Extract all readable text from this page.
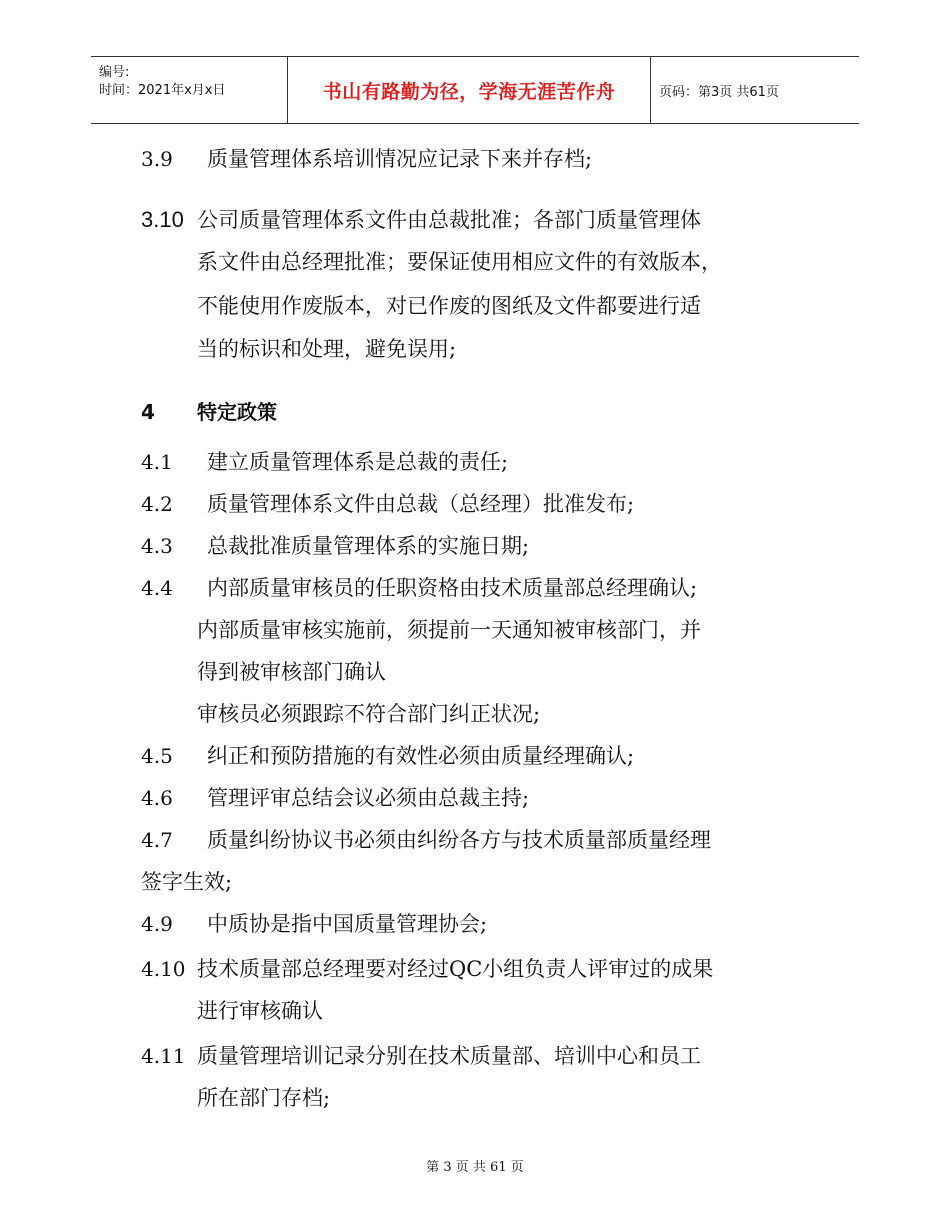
编号:
时间：2021年x月x日	书山有路勤为径，学海无涯苦作舟	页码：第3页 共61页
3.9 质量管理体系培训情况应记录下来并存档;
3.10 公司质量管理体系文件由总裁批准；各部门质量管理体
系文件由总经理批准；要保证使用相应文件的有效版本，
不能使用作废版本，对已作废的图纸及文件都要进行适
当的标识和处理，避免误用;
4 特定政策
4.1 建立质量管理体系是总裁的责任;
4.2 质量管理体系文件由总裁（总经理）批准发布;
4.3 总裁批准质量管理体系的实施日期;
4.4 内部质量审核员的任职资格由技术质量部总经理确认;
内部质量审核实施前，须提前一天通知被审核部门，并
得到被审核部门确认
审核员必须跟踪不符合部门纠正状况;
4.5 纠正和预防措施的有效性必须由质量经理确认;
4.6 管理评审总结会议必须由总裁主持;
4.7 质量纠纷协议书必须由纠纷各方与技术质量部质量经理
签字生效;
4.9 中质协是指中国质量管理协会;
4.10 技术质量部总经理要对经过QC小组负责人评审过的成果
进行审核确认
4.11 质量管理培训记录分别在技术质量部、培训中心和员工
所在部门存档;
第 3 页 共 61 页
